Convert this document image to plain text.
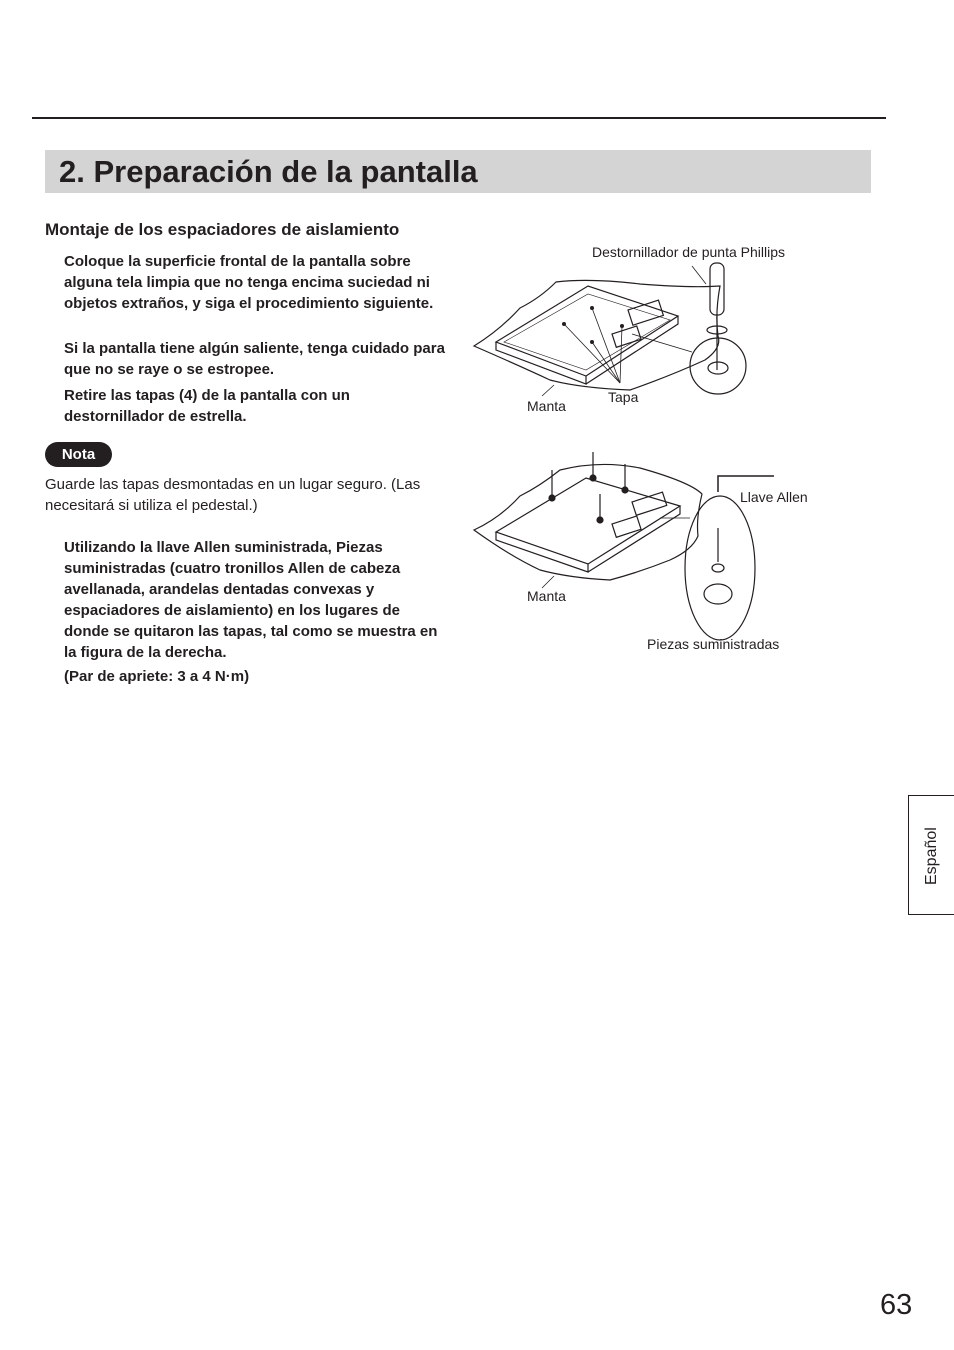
2. Preparación de la pantalla
Montaje de los espaciadores de aislamiento

Coloque la superficie frontal de la pantalla sobre alguna tela limpia que no tenga encima suciedad ni objetos extraños, y siga el procedimiento siguiente.

Si la pantalla tiene algún saliente, tenga cuidado para que no se raye o se estropee.

Retire las tapas (4) de la pantalla con un destornillador de estrella.

Nota

Guarde las tapas desmontadas en un lugar seguro. (Las necesitará si utiliza el pedestal.)

Utilizando la llave Allen suministrada, Piezas suministradas (cuatro tronillos Allen de cabeza avellanada, arandelas dentadas convexas y espaciadores de aislamiento) en los lugares de donde se quitaron las tapas, tal como se muestra en la figura de la derecha.

(Par de apriete: 3 a 4 N·m)

Destornillador de punta Phillips
Manta
Tapa
Llave Allen
Manta
Piezas suministradas
Español
63
